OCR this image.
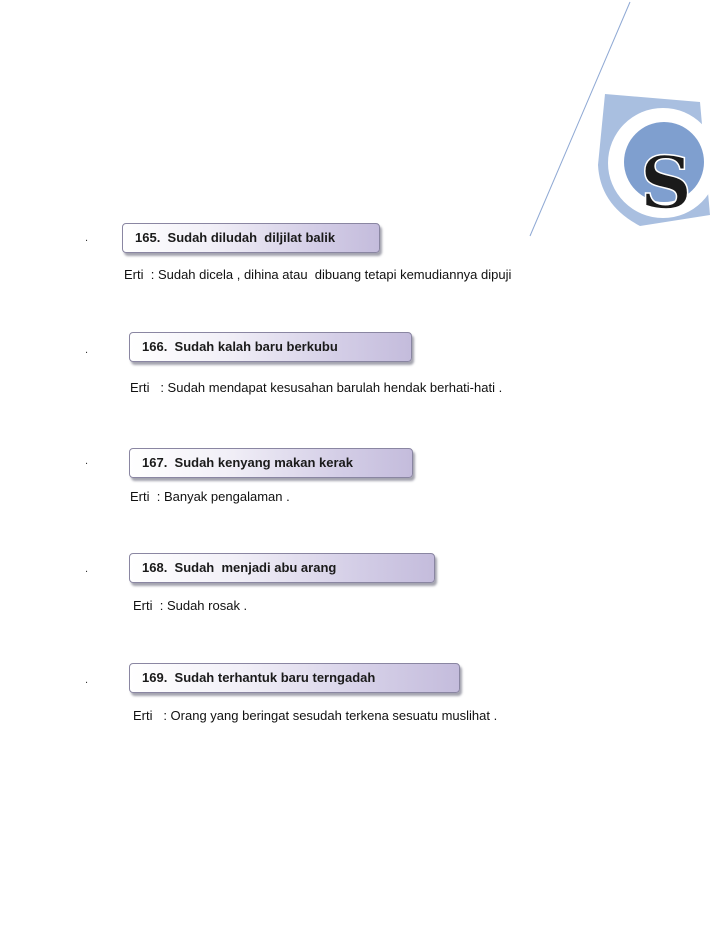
S
.	165.  Sudah diludah  diljilat balik
Erti  : Sudah dicela , dihina atau  dibuang tetapi kemudiannya dipuji
.	166.  Sudah kalah baru berkubu
Erti   : Sudah mendapat kesusahan barulah hendak berhati-hati .
.	167.  Sudah kenyang makan kerak
Erti  : Banyak pengalaman .
.	168.  Sudah  menjadi abu arang
Erti  : Sudah rosak .
.	169.  Sudah terhantuk baru terngadah
Erti   : Orang yang beringat sesudah terkena sesuatu muslihat .
